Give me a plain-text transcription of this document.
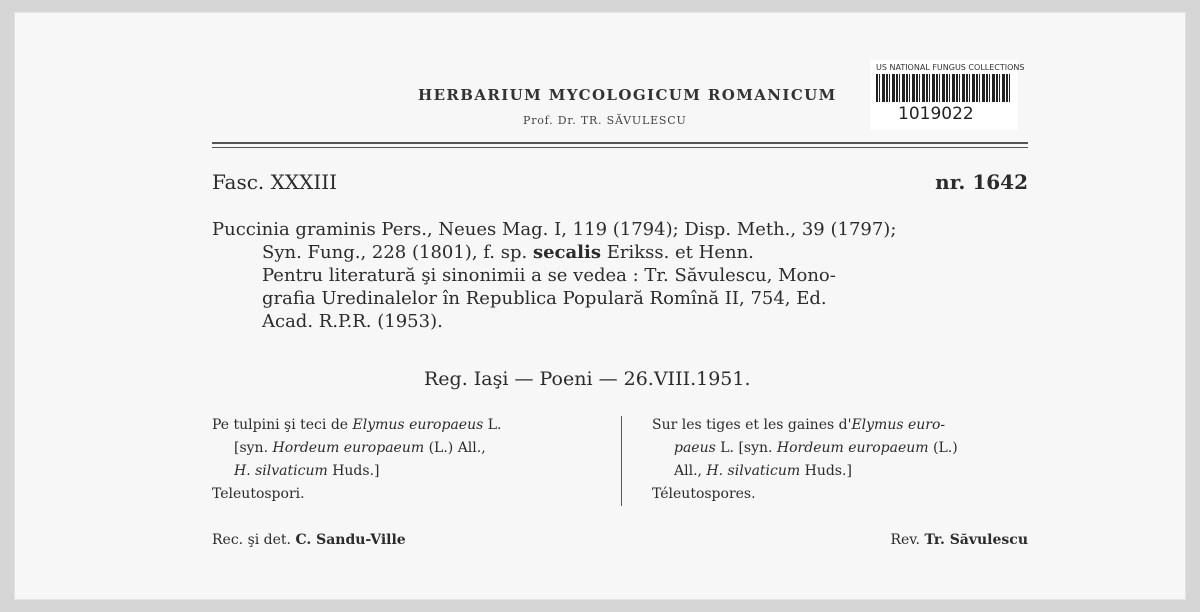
HERBARIUM MYCOLOGICUM ROMANICUM
Prof. Dr. TR. SĂVULESCU
US NATIONAL FUNGUS COLLECTIONS
1019022
Fasc. XXXIII	nr. 1642
Puccinia graminis Pers., Neues Mag. I, 119 (1794); Disp. Meth., 39 (1797);
Syn. Fung., 228 (1801), f. sp. secalis Erikss. et Henn.
Pentru literatură şi sinonimii a se vedea : Tr. Săvulescu, Mono-
grafia Uredinalelor în Republica Populară Romînă II, 754, Ed.
Acad. R.P.R. (1953).
Reg. Iaşi — Poeni — 26.VIII.1951.
Pe tulpini şi teci de Elymus europaeus L.
[syn. Hordeum europaeum (L.) All.,
H. silvaticum Huds.]
Teleutospori.
Sur les tiges et les gaines d'Elymus euro-
paeus L. [syn. Hordeum europaeum (L.)
All., H. silvaticum Huds.]
Téleutospores.
Rec. şi det. C. Sandu-Ville	Rev. Tr. Săvulescu
